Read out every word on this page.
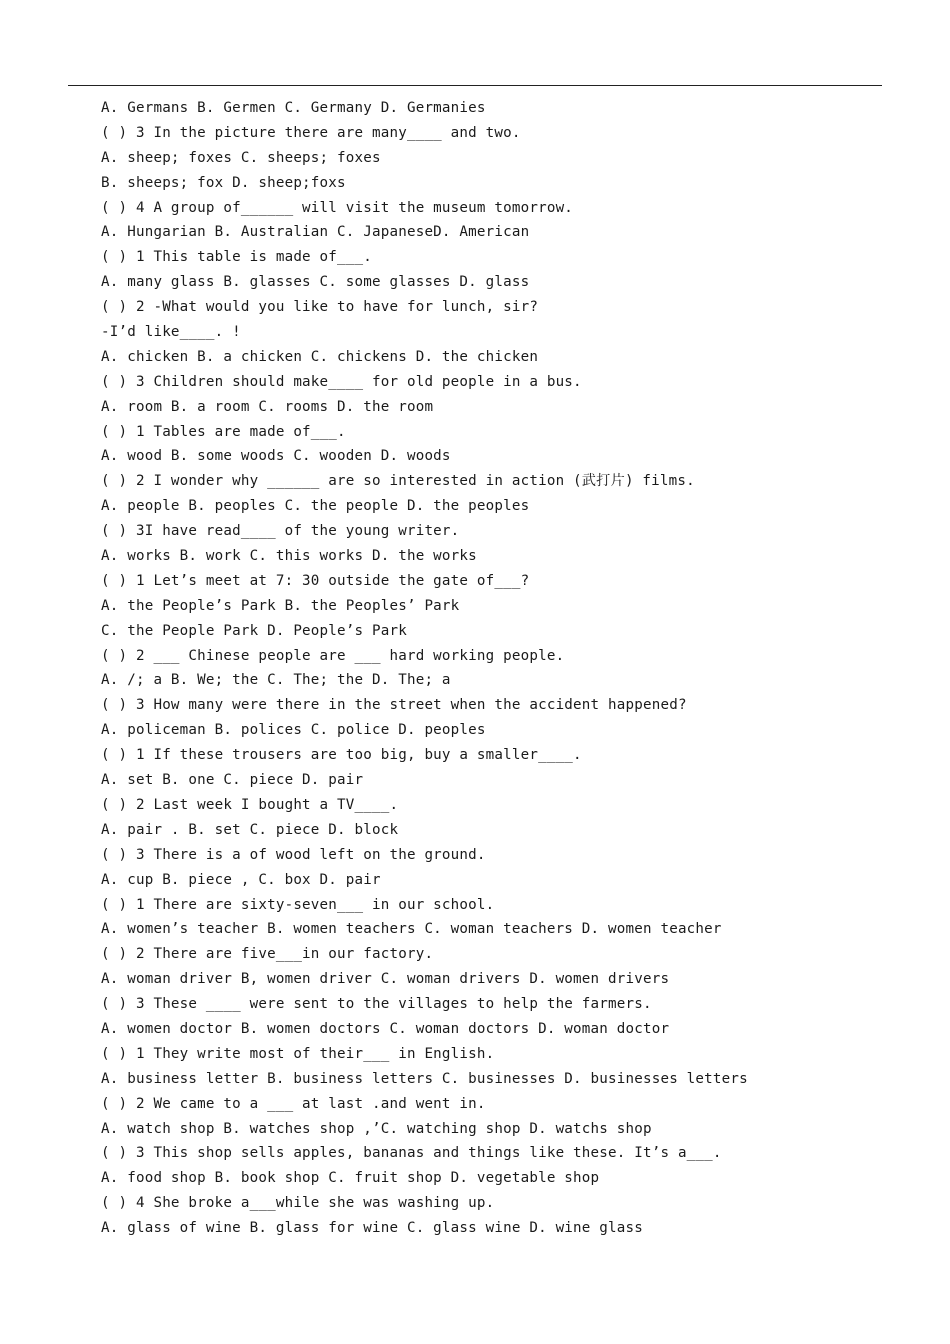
A. Germans B. Germen C. Germany D. Germanies
( ) 3 In the picture there are many____ and two.
A. sheep; foxes C. sheeps; foxes
B. sheeps; fox D. sheep;foxs
( ) 4 A group of______ will visit the museum tomorrow.
A. Hungarian B. Australian C. JapaneseD. American
( ) 1 This table is made of___.
A. many glass B. glasses C. some glasses D. glass
( ) 2 -What would you like to have for lunch, sir?
-I’d like____. !
A. chicken B. a chicken C. chickens D. the chicken
( ) 3 Children should make____ for old people in a bus.
A. room B. a room C. rooms D. the room
( ) 1 Tables are made of___.
A. wood B. some woods C. wooden D. woods
( ) 2 I wonder why ______ are so interested in action (武打片) films.
A. people B. peoples C. the people D. the peoples
( ) 3I have read____ of the young writer.
A. works B. work C. this works D. the works
( ) 1 Let’s meet at 7: 30 outside the gate of___?
A. the People’s Park B. the Peoples’ Park
C. the People Park D. People’s Park
( ) 2 ___ Chinese people are ___ hard working people.
A. /; a B. We; the C. The; the D. The; a
( ) 3 How many were there in the street when the accident happened?
A. policeman B. polices C. police D. peoples
( ) 1 If these trousers are too big, buy a smaller____.
A. set B. one C. piece D. pair
( ) 2 Last week I bought a TV____.
A. pair . B. set C. piece D. block
( ) 3 There is a of wood left on the ground.
A. cup B. piece , C. box D. pair
( ) 1 There are sixty-seven___ in our school.
A. women’s teacher B. women teachers C. woman teachers D. women teacher
( ) 2 There are five___in our factory.
A. woman driver B, women driver C. woman drivers D. women drivers
( ) 3 These ____ were sent to the villages to help the farmers.
A. women doctor B. women doctors C. woman doctors D. woman doctor
( ) 1 They write most of their___ in English.
A. business letter B. business letters C. businesses D. businesses letters
( ) 2 We came to a ___ at last .and went in.
A. watch shop B. watches shop ,’C. watching shop D. watchs shop
( ) 3 This shop sells apples, bananas and things like these. It’s a___.
A. food shop B. book shop C. fruit shop D. vegetable shop
( ) 4 She broke a___while she was washing up.
A. glass of wine B. glass for wine C. glass wine D. wine glass
